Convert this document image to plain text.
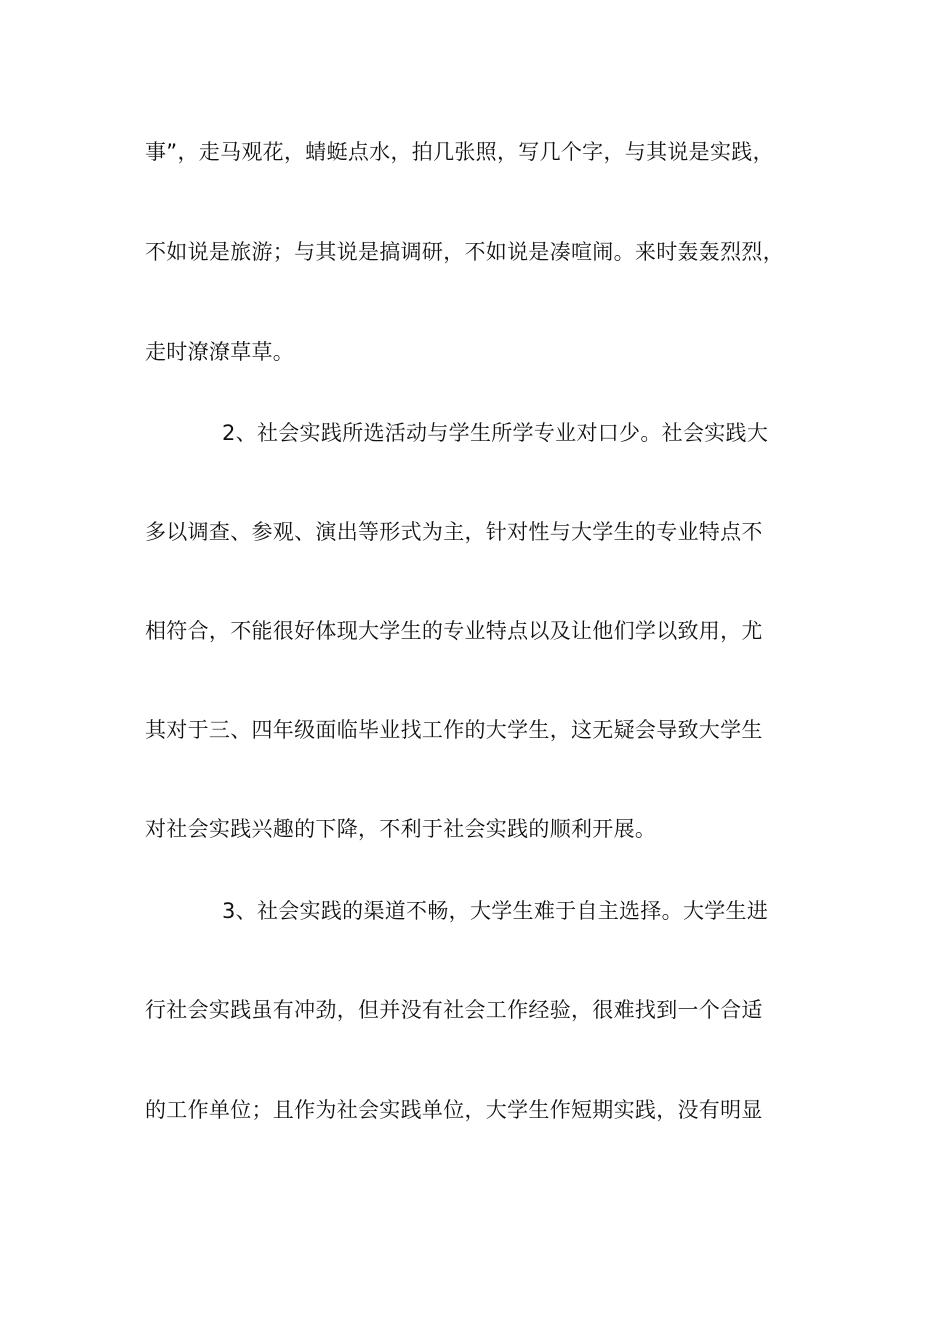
事”，走马观花，蜻蜓点水，拍几张照，写几个字，与其说是实践，
不如说是旅游；与其说是搞调研，不如说是凑喧闹。来时轰轰烈烈，
走时潦潦草草。
2、社会实践所选活动与学生所学专业对口少。社会实践大
多以调查、参观、演出等形式为主，针对性与大学生的专业特点不
相符合，不能很好体现大学生的专业特点以及让他们学以致用，尤
其对于三、四年级面临毕业找工作的大学生，这无疑会导致大学生
对社会实践兴趣的下降，不利于社会实践的顺利开展。
3、社会实践的渠道不畅，大学生难于自主选择。大学生进
行社会实践虽有冲劲，但并没有社会工作经验，很难找到一个合适
的工作单位；且作为社会实践单位，大学生作短期实践，没有明显
